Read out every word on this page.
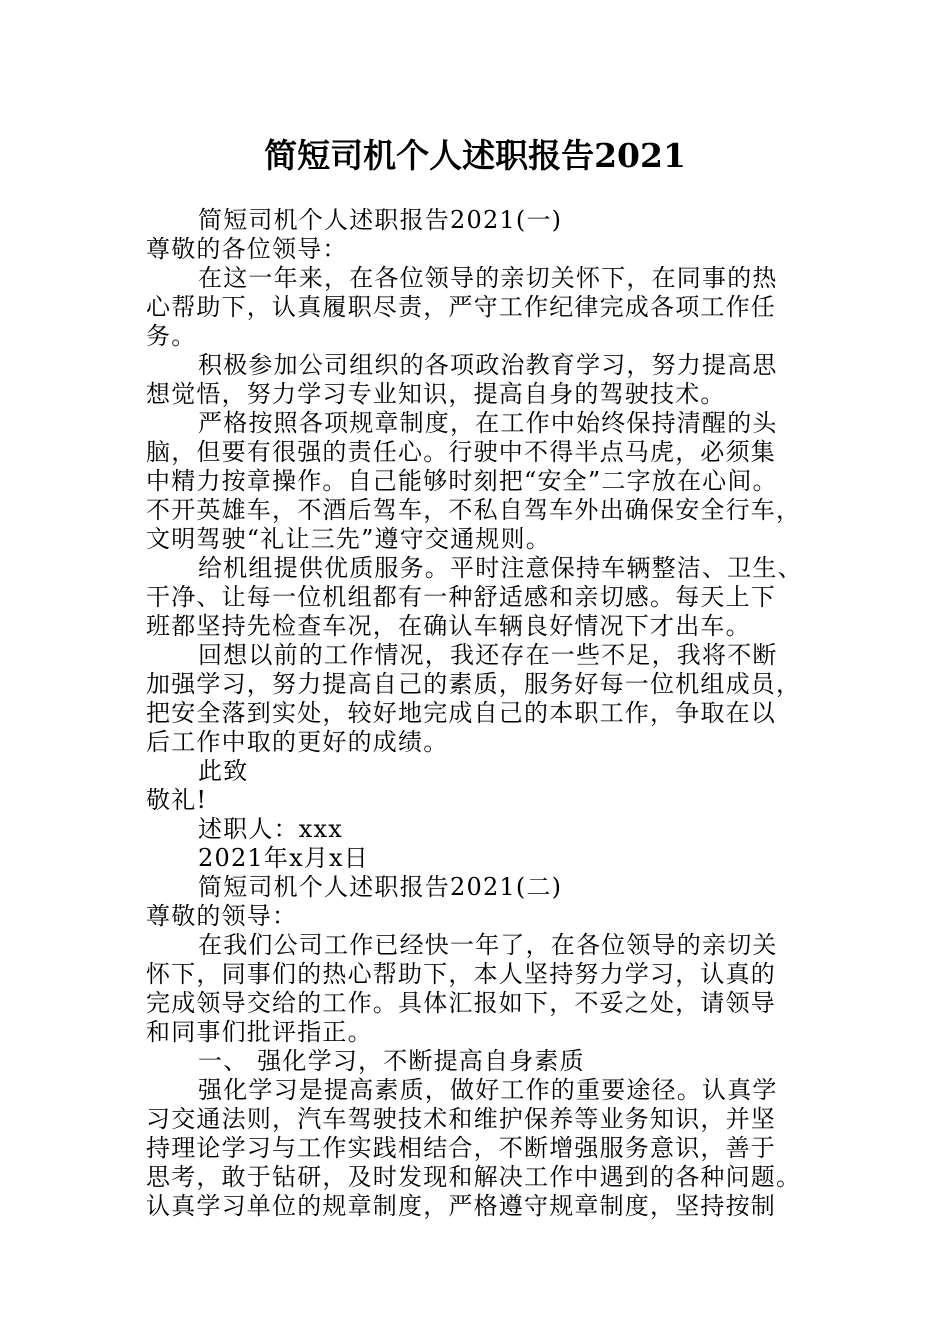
简短司机个人述职报告2021
简短司机个人述职报告2021(一)
尊敬的各位领导：
在这一年来，在各位领导的亲切关怀下，在同事的热
心帮助下，认真履职尽责，严守工作纪律完成各项工作任
务。
积极参加公司组织的各项政治教育学习，努力提高思
想觉悟，努力学习专业知识，提高自身的驾驶技术。
严格按照各项规章制度，在工作中始终保持清醒的头
脑，但要有很强的责任心。行驶中不得半点马虎，必须集
中精力按章操作。自己能够时刻把“安全”二字放在心间。
不开英雄车，不酒后驾车，不私自驾车外出确保安全行车，
文明驾驶“礼让三先”遵守交通规则。
给机组提供优质服务。平时注意保持车辆整洁、卫生、
干净、让每一位机组都有一种舒适感和亲切感。每天上下
班都坚持先检查车况，在确认车辆良好情况下才出车。
回想以前的工作情况，我还存在一些不足，我将不断
加强学习，努力提高自己的素质，服务好每一位机组成员，
把安全落到实处，较好地完成自己的本职工作，争取在以
后工作中取的更好的成绩。
此致
敬礼!
述职人：xxx
2021年x月x日
简短司机个人述职报告2021(二)
尊敬的领导：
在我们公司工作已经快一年了，在各位领导的亲切关
怀下，同事们的热心帮助下，本人坚持努力学习，认真的
完成领导交给的工作。具体汇报如下，不妥之处，请领导
和同事们批评指正。
一、 强化学习，不断提高自身素质
强化学习是提高素质，做好工作的重要途径。认真学
习交通法则，汽车驾驶技术和维护保养等业务知识，并坚
持理论学习与工作实践相结合，不断增强服务意识，善于
思考，敢于钻研，及时发现和解决工作中遇到的各种问题。
认真学习单位的规章制度，严格遵守规章制度，坚持按制
